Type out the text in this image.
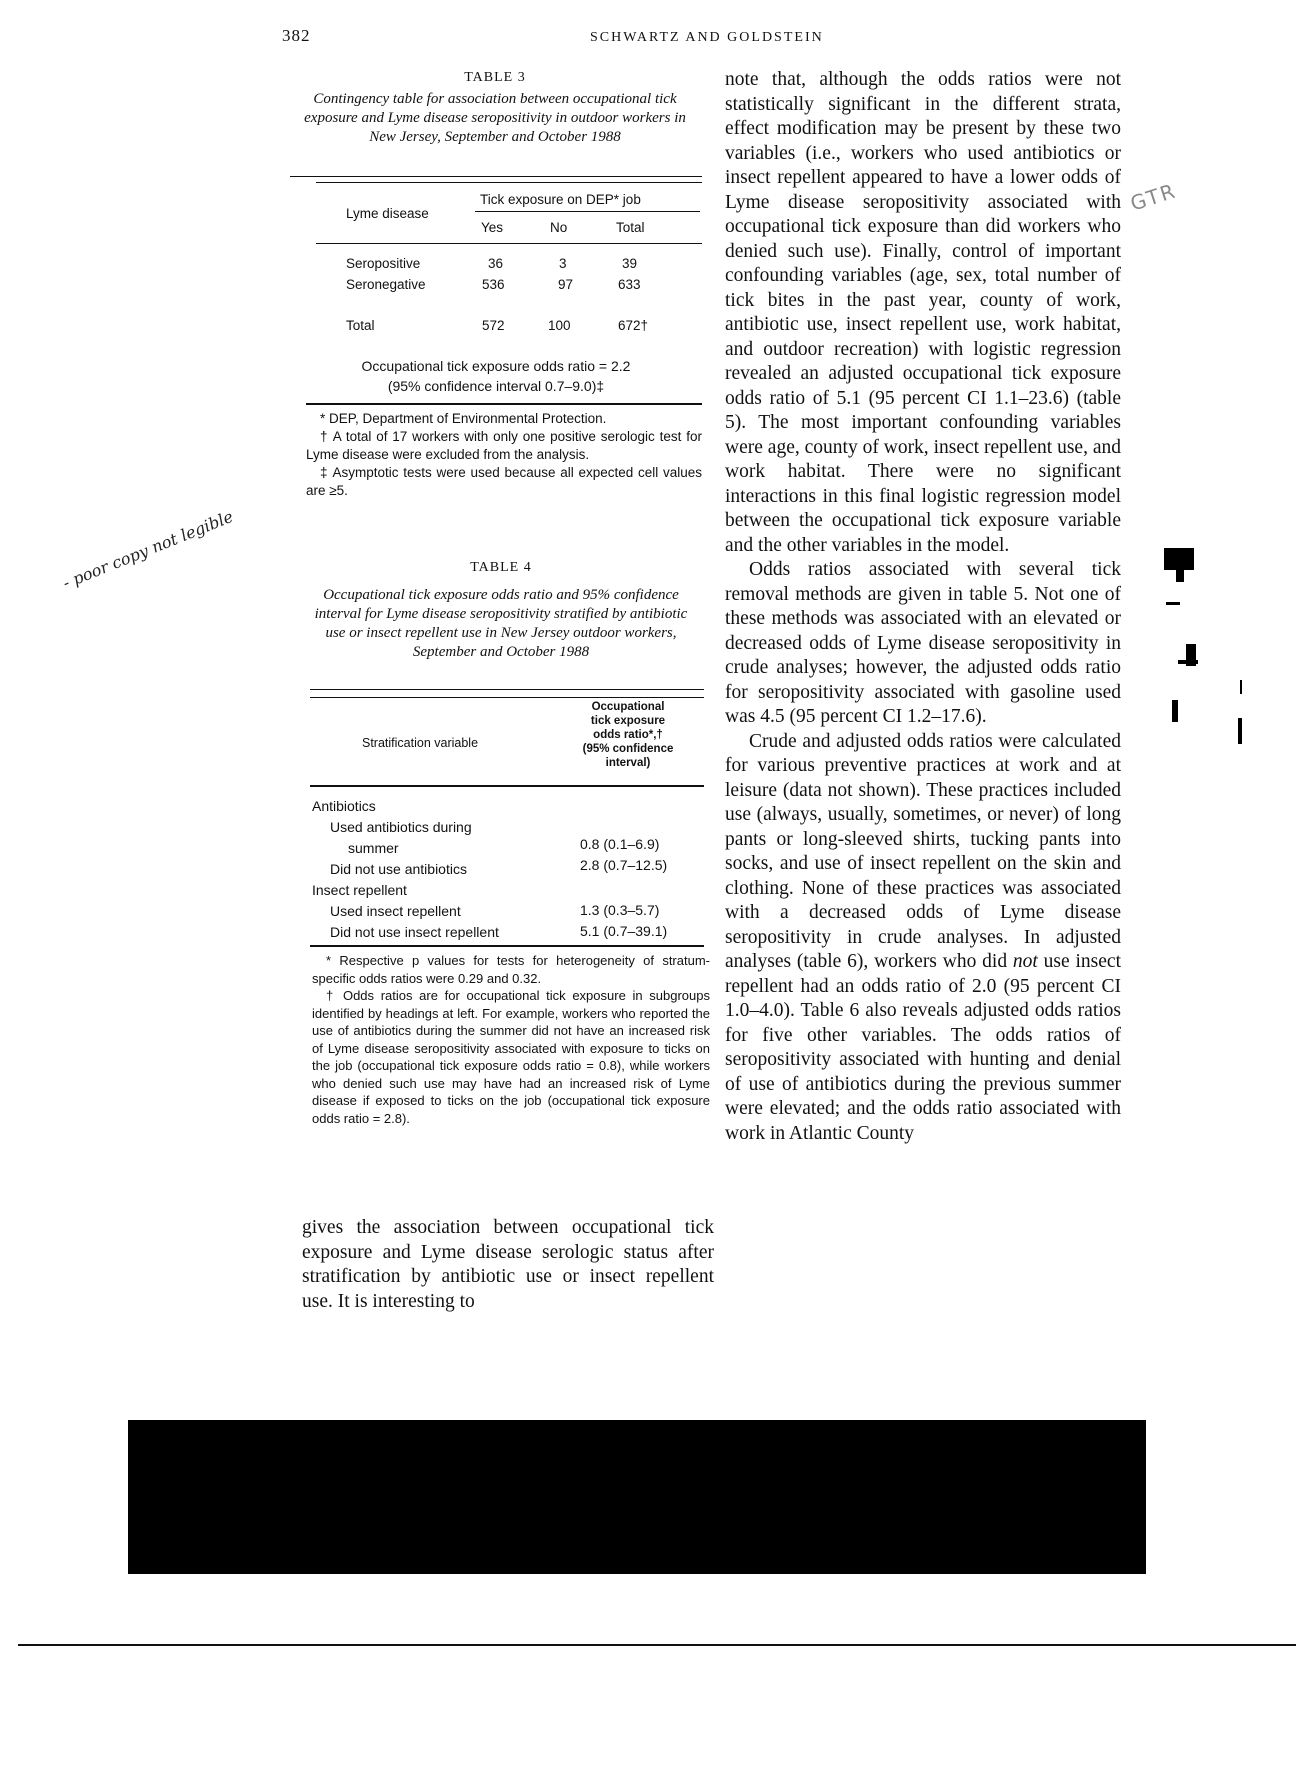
382	SCHWARTZ AND GOLDSTEIN
TABLE 3
Contingency table for association between occupational tick exposure and Lyme disease seropositivity in outdoor workers in New Jersey, September and October 1988
Lyme disease
Tick exposure on DEP* job
Yes	No	Total
Seropositive	36	3	39
Seronegative	536	97	633
Total	572	100	672†
Occupational tick exposure odds ratio = 2.2
(95% confidence interval 0.7–9.0)‡

* DEP, Department of Environmental Protection.

† A total of 17 workers with only one positive serologic test for Lyme disease were excluded from the analysis.

‡ Asymptotic tests were used because all expected cell values are ≥5.

TABLE 4
Occupational tick exposure odds ratio and 95% confidence interval for Lyme disease seropositivity stratified by antibiotic use or insect repellent use in New Jersey outdoor workers, September and October 1988
Stratification variable
Occupational
tick exposure
odds ratio*,†
(95% confidence
interval)
Antibiotics
Used antibiotics during
summer	0.8 (0.1–6.9)
Did not use antibiotics	2.8 (0.7–12.5)
Insect repellent
Used insect repellent	1.3 (0.3–5.7)
Did not use insect repellent	5.1 (0.7–39.1)

* Respective p values for tests for heterogeneity of stratum-specific odds ratios were 0.29 and 0.32.

† Odds ratios are for occupational tick exposure in subgroups identified by headings at left. For example, workers who reported the use of antibiotics during the summer did not have an increased risk of Lyme disease seropositivity associated with exposure to ticks on the job (occupational tick exposure odds ratio = 0.8), while workers who denied such use may have had an increased risk of Lyme disease if exposed to ticks on the job (occupational tick exposure odds ratio = 2.8).

gives the association between occupational tick exposure and Lyme disease serologic status after stratification by antibiotic use or insect repellent use. It is interesting to

note that, although the odds ratios were not statistically significant in the different strata, effect modification may be present by these two variables (i.e., workers who used antibiotics or insect repellent appeared to have a lower odds of Lyme disease seropositivity associated with occupational tick exposure than did workers who denied such use). Finally, control of important confounding variables (age, sex, total number of tick bites in the past year, county of work, antibiotic use, insect repellent use, work habitat, and outdoor recreation) with logistic regression revealed an adjusted occupational tick exposure odds ratio of 5.1 (95 percent CI 1.1–23.6) (table 5). The most important confounding variables were age, county of work, insect repellent use, and work habitat. There were no significant interactions in this final logistic regression model between the occupational tick exposure variable and the other variables in the model.

Odds ratios associated with several tick removal methods are given in table 5. Not one of these methods was associated with an elevated or decreased odds of Lyme disease seropositivity in crude analyses; however, the adjusted odds ratio for seropositivity associated with gasoline used was 4.5 (95 percent CI 1.2–17.6).

Crude and adjusted odds ratios were calculated for various preventive practices at work and at leisure (data not shown). These practices included use (always, usually, sometimes, or never) of long pants or long-sleeved shirts, tucking pants into socks, and use of insect repellent on the skin and clothing. None of these practices was associated with a decreased odds of Lyme disease seropositivity in crude analyses. In adjusted analyses (table 6), workers who did not use insect repellent had an odds ratio of 2.0 (95 percent CI 1.0–4.0). Table 6 also reveals adjusted odds ratios for five other variables. The odds ratios of seropositivity associated with hunting and denial of use of antibiotics during the previous summer were elevated; and the odds ratio associated with work in Atlantic County

- poor copy not legible
GTR
